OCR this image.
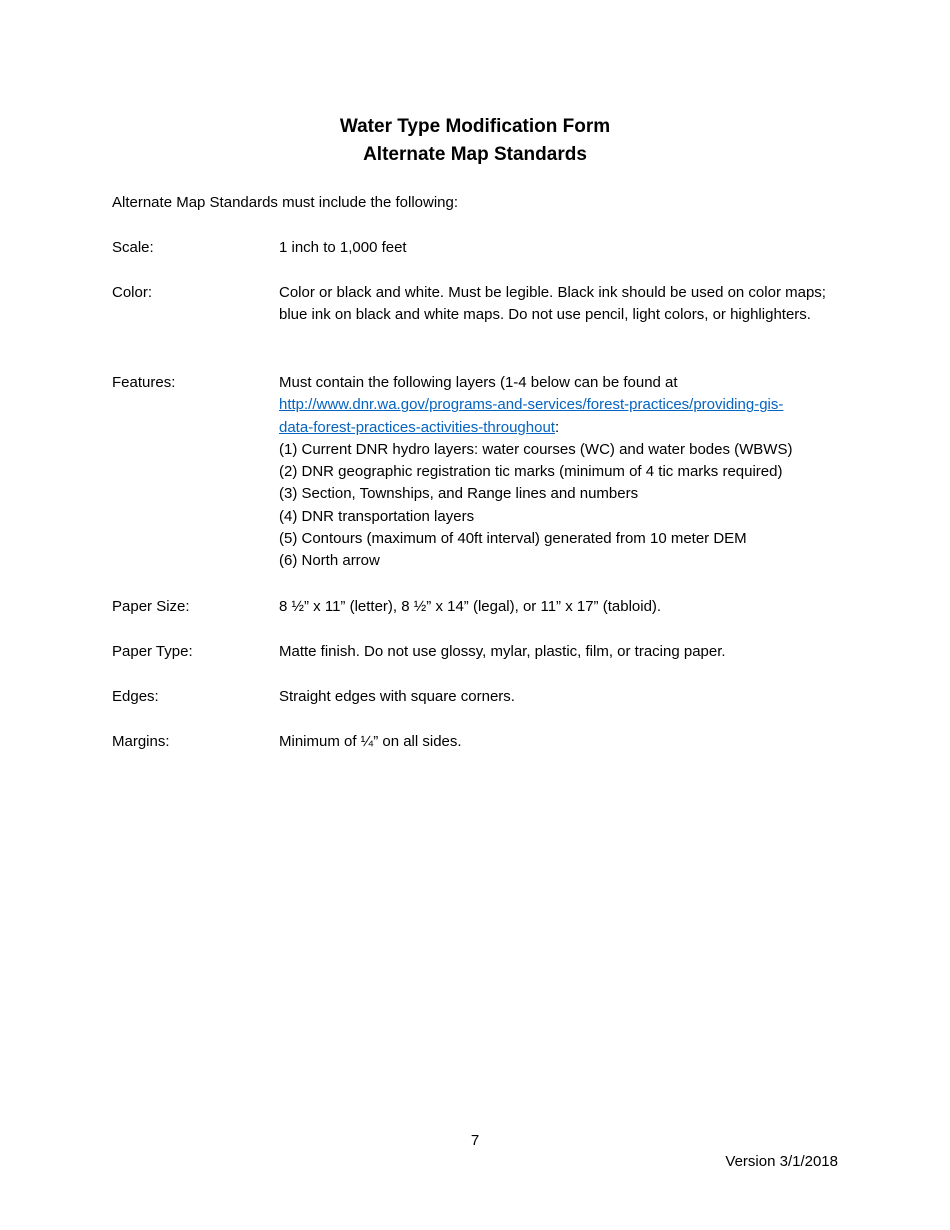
Water Type Modification Form
Alternate Map Standards
Alternate Map Standards must include the following:
Scale:	1 inch to 1,000 feet
Color:	Color or black and white. Must be legible. Black ink should be used on color maps; blue ink on black and white maps. Do not use pencil, light colors, or highlighters.
Features:	Must contain the following layers (1-4 below can be found at
http://www.dnr.wa.gov/programs-and-services/forest-practices/providing-gis-
data-forest-practices-activities-throughout:
(1) Current DNR hydro layers: water courses (WC) and water bodes (WBWS)
(2) DNR geographic registration tic marks (minimum of 4 tic marks required)
(3) Section, Townships, and Range lines and numbers
(4) DNR transportation layers
(5) Contours (maximum of 40ft interval) generated from 10 meter DEM
(6) North arrow
Paper Size:	8 ½” x 11” (letter), 8 ½” x 14” (legal), or 11” x 17” (tabloid).
Paper Type:	Matte finish. Do not use glossy, mylar, plastic, film, or tracing paper.
Edges:	Straight edges with square corners.
Margins:	Minimum of ¼” on all sides.
7
Version 3/1/2018
